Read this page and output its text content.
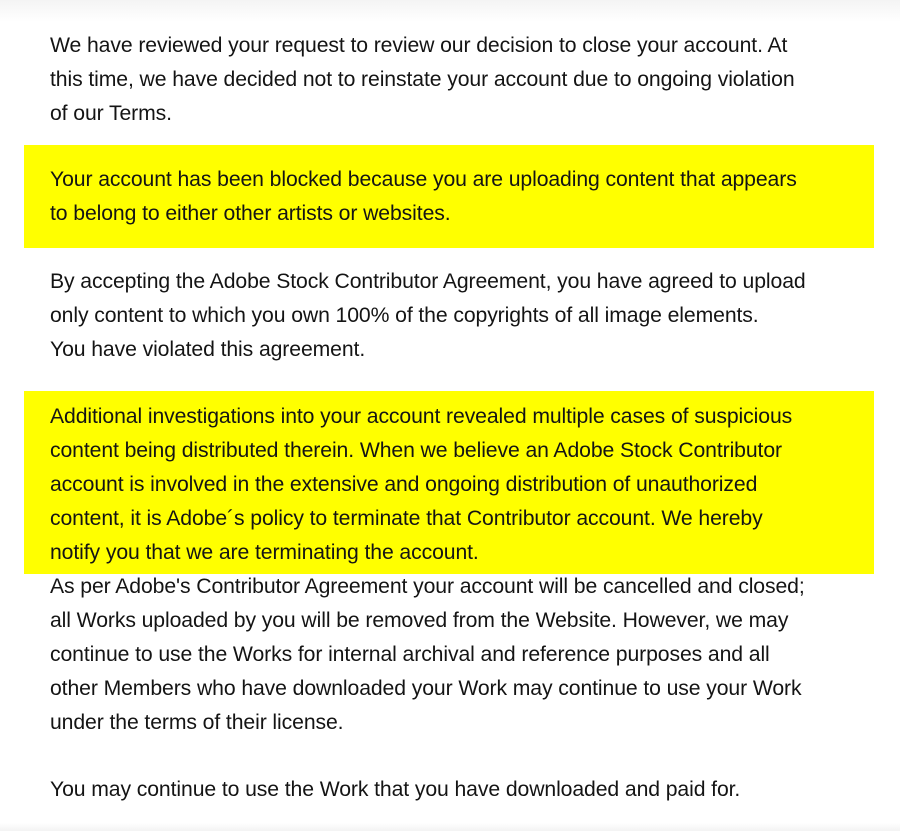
We have reviewed your request to review our decision to close your account. At
this time, we have decided not to reinstate your account due to ongoing violation
of our Terms.

Your account has been blocked because you are uploading content that appears
to belong to either other artists or websites.

By accepting the Adobe Stock Contributor Agreement, you have agreed to upload
only content to which you own 100% of the copyrights of all image elements.
You have violated this agreement.

Additional investigations into your account revealed multiple cases of suspicious
content being distributed therein. When we believe an Adobe Stock Contributor
account is involved in the extensive and ongoing distribution of unauthorized
content, it is Adobe´s policy to terminate that Contributor account. We hereby
notify you that we are terminating the account.

As per Adobe's Contributor Agreement your account will be cancelled and closed;
all Works uploaded by you will be removed from the Website. However, we may
continue to use the Works for internal archival and reference purposes and all
other Members who have downloaded your Work may continue to use your Work
under the terms of their license.

You may continue to use the Work that you have downloaded and paid for.
